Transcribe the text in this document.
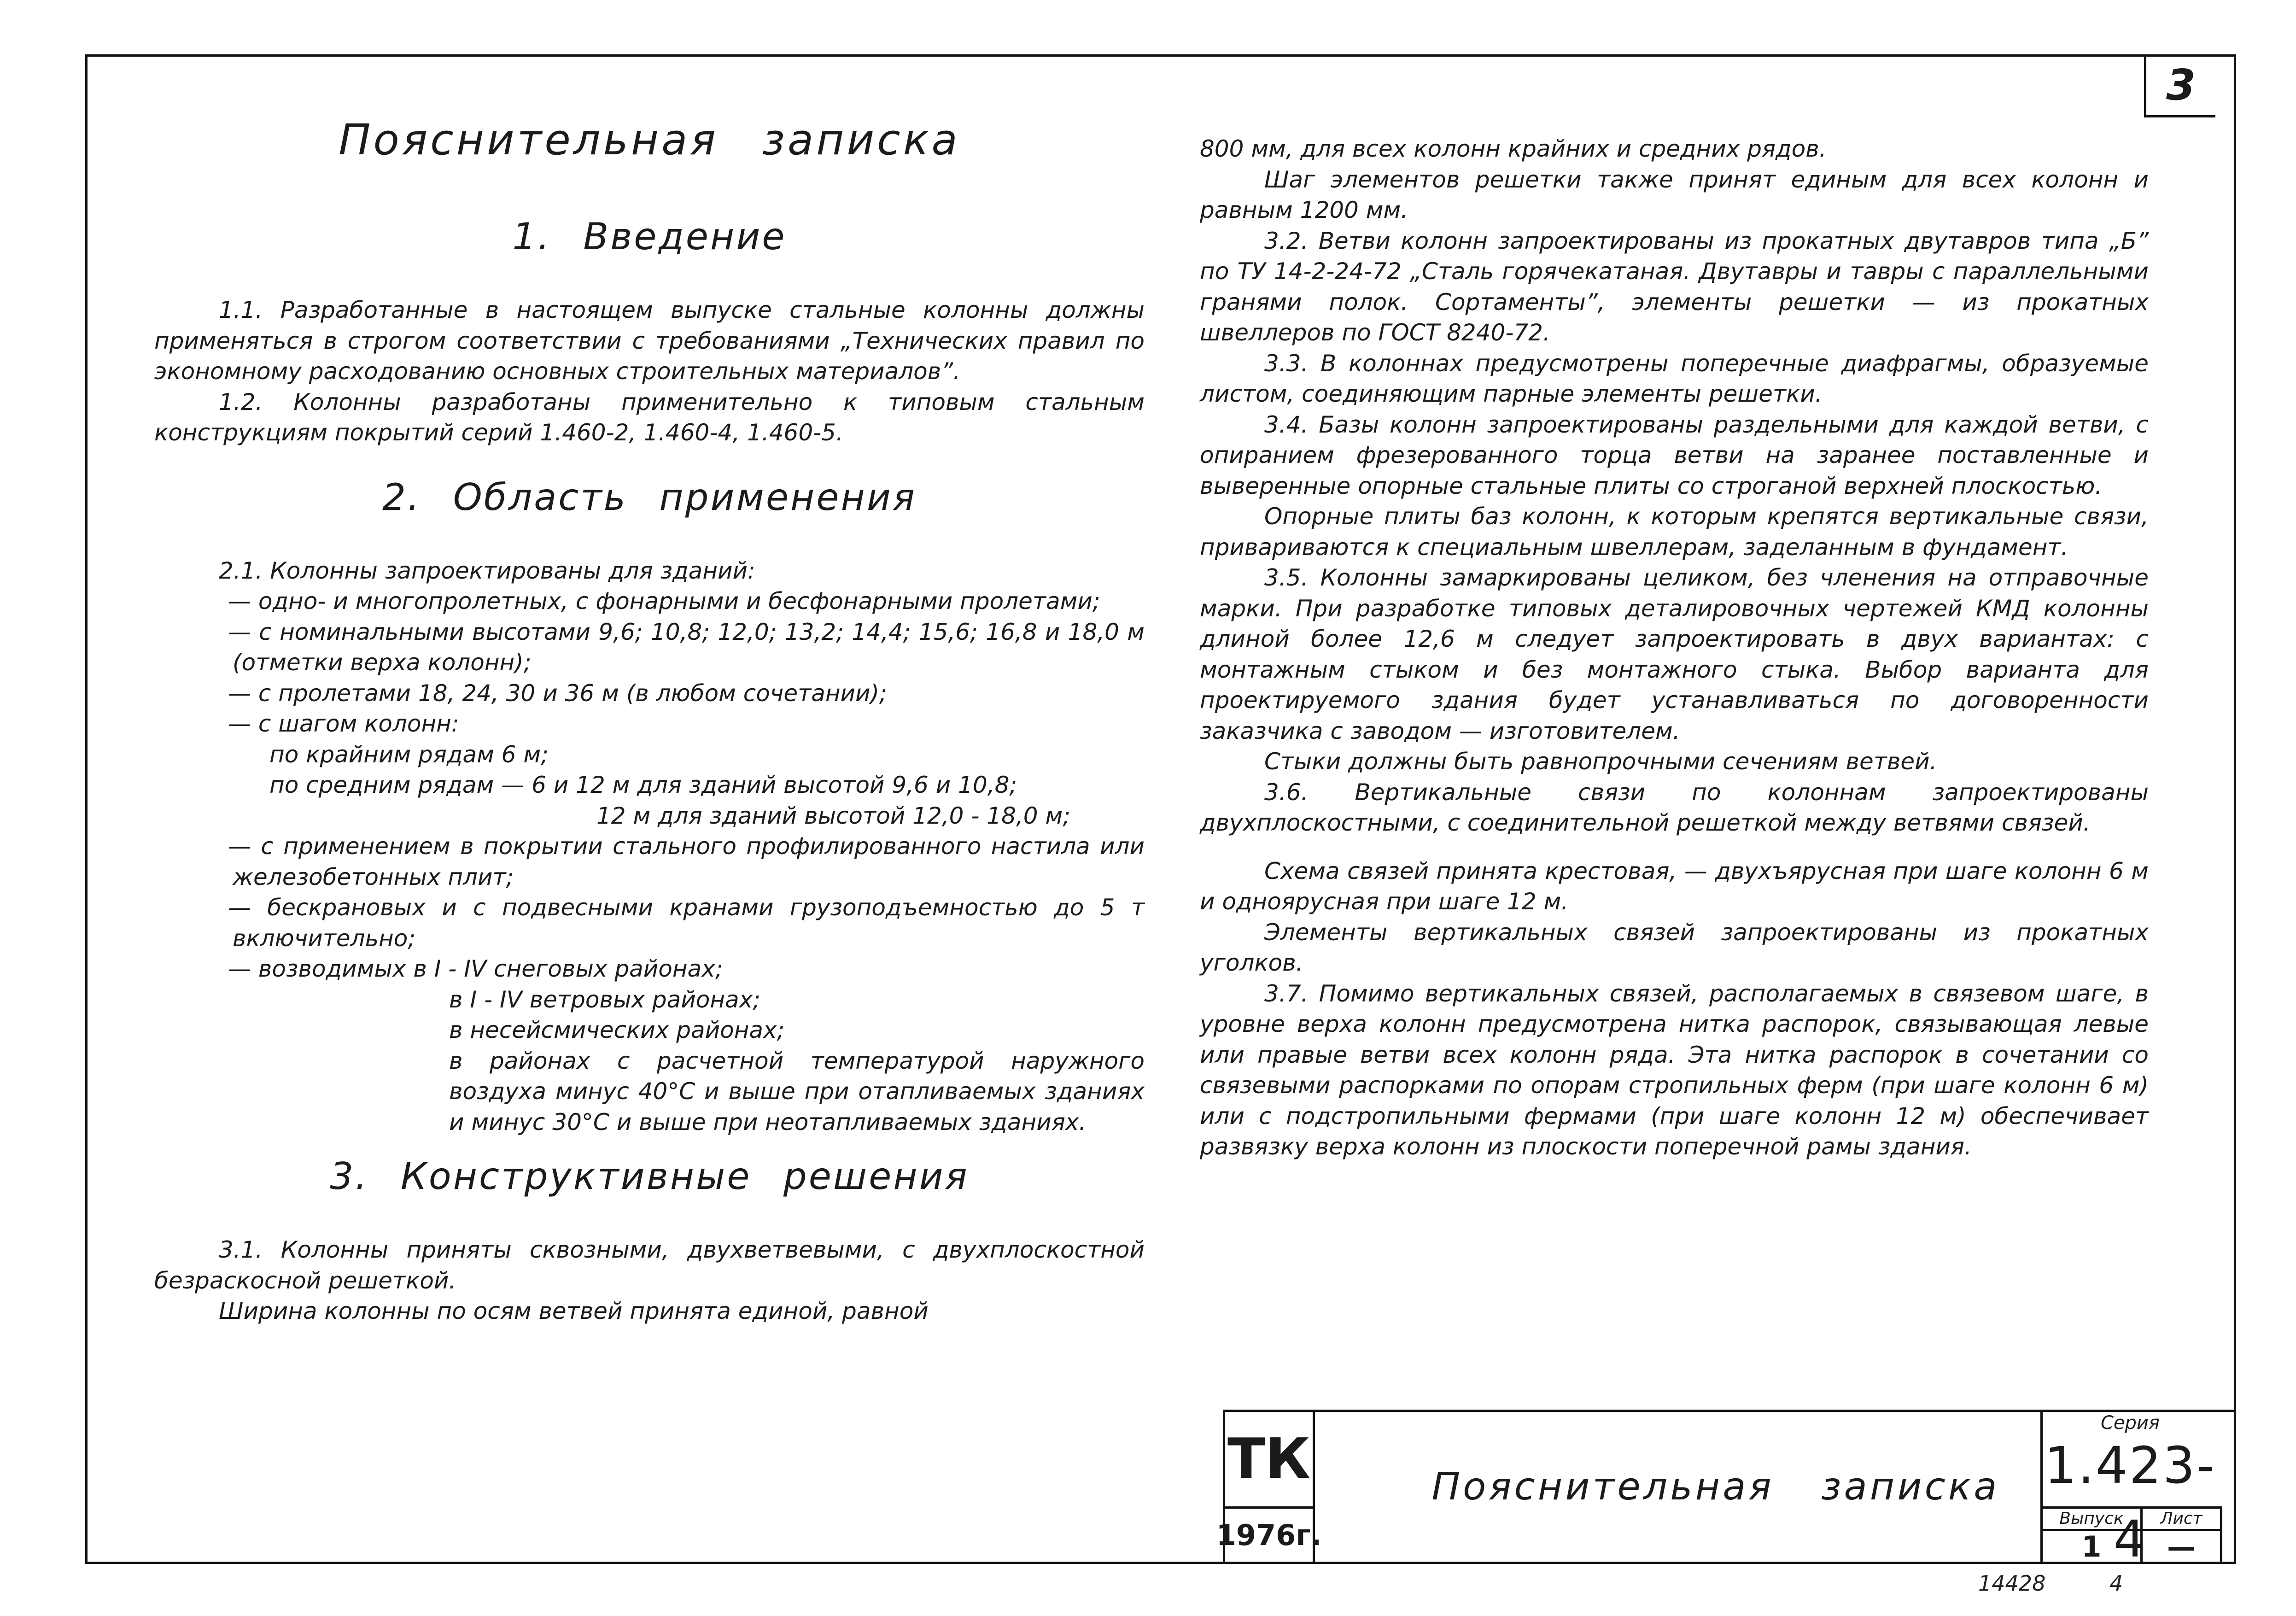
3
Пояснительная записка
1. Введение

1.1. Разработанные в настоящем выпуске стальные колонны должны применяться в строгом соответствии с требованиями „Технических правил по экономному расходованию основных строительных материалов”.

1.2. Колонны разработаны применительно к типовым стальным конструкциям покрытий серий 1.460-2, 1.460-4, 1.460-5.

2. Область применения

2.1. Колонны запроектированы для зданий:

— одно- и многопролетных, с фонарными и бесфонарными пролетами;

— с номинальными высотами 9,6; 10,8; 12,0; 13,2; 14,4; 15,6; 16,8 и 18,0 м (отметки верха колонн);

— с пролетами 18, 24, 30 и 36 м (в любом сочетании);

— с шагом колонн:

по крайним рядам 6 м;

по средним рядам — 6 и 12 м для зданий высотой 9,6 и 10,8;

12 м для зданий высотой 12,0 - 18,0 м;

— с применением в покрытии стального профилированного настила или железобетонных плит;

— бескрановых и с подвесными кранами грузоподъемностью до 5 т включительно;

— возводимых в I - IV снеговых районах;

в I - IV ветровых районах;

в несейсмических районах;

в районах с расчетной температурой наружного воздуха минус 40°С и выше при отапливаемых зданиях и минус 30°С и выше при неотапливаемых зданиях.

3. Конструктивные решения

3.1. Колонны приняты сквозными, двухветвевыми, с двухплоскостной безраскосной решеткой.

Ширина колонны по осям ветвей принята единой, равной

800 мм, для всех колонн крайних и средних рядов.

Шаг элементов решетки также принят единым для всех колонн и равным 1200 мм.

3.2. Ветви колонн запроектированы из прокатных двутавров типа „Б” по ТУ 14-2-24-72 „Сталь горячекатаная. Двутавры и тавры с параллельными гранями полок. Сортаменты”, элементы решетки — из прокатных швеллеров по ГОСТ 8240-72.

3.3. В колоннах предусмотрены поперечные диафрагмы, образуемые листом, соединяющим парные элементы решетки.

3.4. Базы колонн запроектированы раздельными для каждой ветви, с опиранием фрезерованного торца ветви на заранее поставленные и выверенные опорные стальные плиты со строганой верхней плоскостью.

Опорные плиты баз колонн, к которым крепятся вертикальные связи, привариваются к специальным швеллерам, заделанным в фундамент.

3.5. Колонны замаркированы целиком, без членения на отправочные марки. При разработке типовых деталировочных чертежей КМД колонны длиной более 12,6 м следует запроектировать в двух вариантах: с монтажным стыком и без монтажного стыка. Выбор варианта для проектируемого здания будет устанавливаться по договоренности заказчика с заводом — изготовителем.

Стыки должны быть равнопрочными сечениям ветвей.

3.6. Вертикальные связи по колоннам запроектированы двухплоскостными, с соединительной решеткой между ветвями связей.

Схема связей принята крестовая, — двухъярусная при шаге колонн 6 м и одноярусная при шаге 12 м.

Элементы вертикальных связей запроектированы из прокатных уголков.

3.7. Помимо вертикальных связей, располагаемых в связевом шаге, в уровне верха колонн предусмотрена нитка распорок, связывающая левые или правые ветви всех колонн ряда. Эта нитка распорок в сочетании со связевыми распорками по опорам стропильных ферм (при шаге колонн 6 м) или с подстропильными фермами (при шаге колонн 12 м) обеспечивает развязку верха колонн из плоскости поперечной рамы здания.

ТК
1976г.
Пояснительная записка
Серия
1.423-4
Выпуск
1
Лист
—
14428	4
